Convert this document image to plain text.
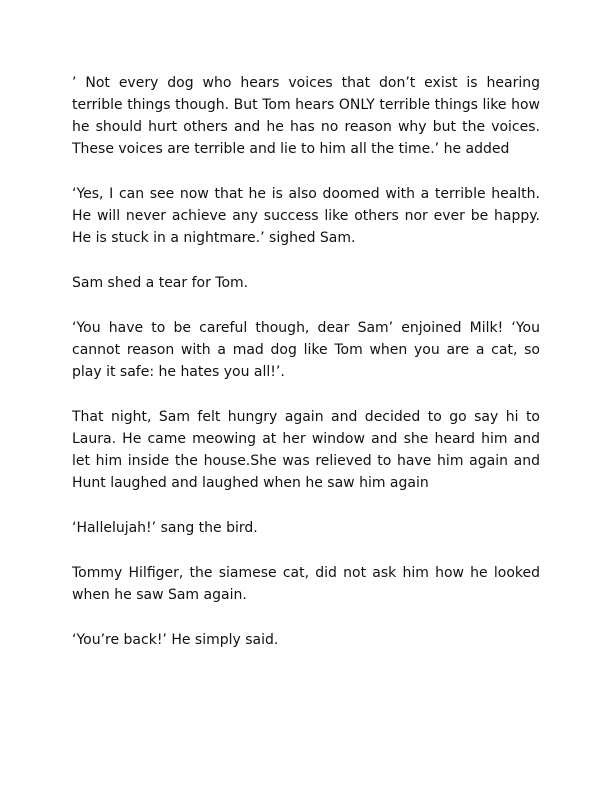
’ Not every dog who hears voices that don’t exist is hearing terrible things though. But Tom hears ONLY terrible things like how he should hurt others and he has no reason why but the voices. These voices are terrible and lie to him all the time.’ he added

‘Yes, I can see now that he is also doomed with a terrible health. He will never achieve any success like others nor ever be happy. He is stuck in a nightmare.’ sighed Sam.

Sam shed a tear for Tom.

‘You have to be careful though, dear Sam’ enjoined Milk! ‘You cannot reason with a mad dog like Tom when you are a cat, so play it safe: he hates you all!’.

That night, Sam felt hungry again and decided to go say hi to Laura. He came meowing at her window and she heard him and let him inside the house.She was relieved to have him again and Hunt laughed and laughed when he saw him again

‘Hallelujah!’ sang the bird.

Tommy Hilfiger, the siamese cat, did not ask him how he looked when he saw Sam again.

‘You’re back!’ He simply said.
